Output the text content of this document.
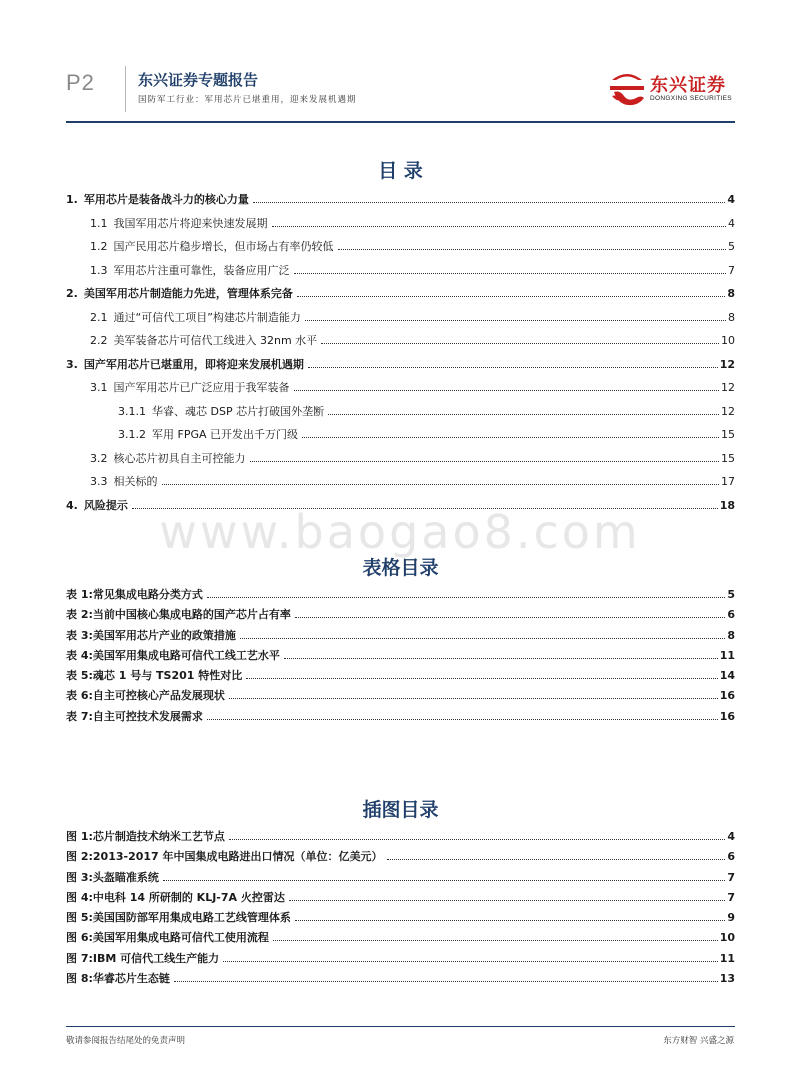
P2	东兴证券专题报告
国防军工行业：军用芯片已堪重用，迎来发展机遇期
东兴证券
DONGXING SECURITIES
目 录
1. 军用芯片是装备战斗力的核心力量	4
1.1 我国军用芯片将迎来快速发展期	4
1.2 国产民用芯片稳步增长，但市场占有率仍较低	5
1.3 军用芯片注重可靠性，装备应用广泛	7
2. 美国军用芯片制造能力先进，管理体系完备	8
2.1 通过“可信代工项目”构建芯片制造能力	8
2.2 美军装备芯片可信代工线进入 32nm 水平	10
3. 国产军用芯片已堪重用，即将迎来发展机遇期	12
3.1 国产军用芯片已广泛应用于我军装备	12
3.1.1 华睿、魂芯 DSP 芯片打破国外垄断	12
3.1.2 军用 FPGA 已开发出千万门级	15
3.2 核心芯片初具自主可控能力	15
3.3 相关标的	17
4. 风险提示	18
www.baogao8.com
表格目录
表 1:常见集成电路分类方式	5
表 2:当前中国核心集成电路的国产芯片占有率	6
表 3:美国军用芯片产业的政策措施	8
表 4:美国军用集成电路可信代工线工艺水平	11
表 5:魂芯 1 号与 TS201 特性对比	14
表 6:自主可控核心产品发展现状	16
表 7:自主可控技术发展需求	16
插图目录
图 1:芯片制造技术纳米工艺节点	4
图 2:2013-2017 年中国集成电路进出口情况（单位：亿美元）	6
图 3:头盔瞄准系统	7
图 4:中电科 14 所研制的 KLJ-7A 火控雷达	7
图 5:美国国防部军用集成电路工艺线管理体系	9
图 6:美国军用集成电路可信代工使用流程	10
图 7:IBM 可信代工线生产能力	11
图 8:华睿芯片生态链	13
敬请参阅报告结尾处的免责声明	东方财智 兴盛之源
